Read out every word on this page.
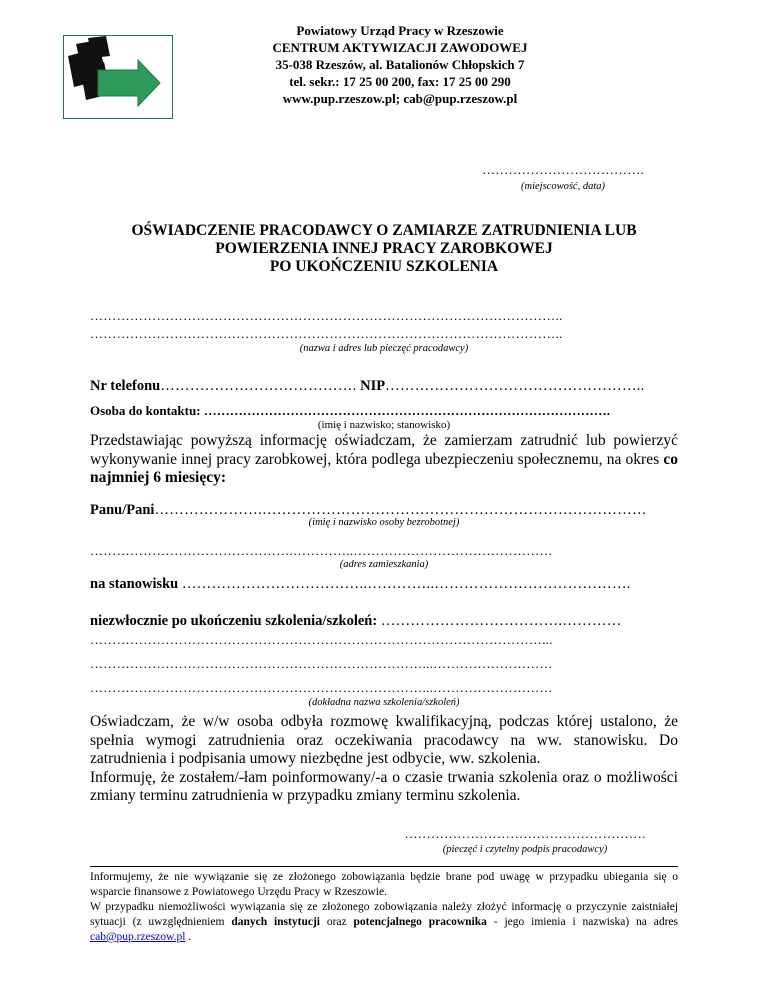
Powiatowy Urząd Pracy w Rzeszowie
CENTRUM AKTYWIZACJI ZAWODOWEJ
35-038 Rzeszów, al. Batalionów Chłopskich 7
tel. sekr.: 17 25 00 200, fax: 17 25 00 290
www.pup.rzeszow.pl; cab@pup.rzeszow.pl
……………………………….
(miejscowość, data)
OŚWIADCZENIE PRACODAWCY O ZAMIARZE ZATRUDNIENIA LUB
POWIERZENIA INNEJ PRACY ZAROBKOWEJ
PO UKOŃCZENIU SZKOLENIA
……………………………………………………………………………………………..
……………………………………………………………………………………………..
(nazwa i adres lub pieczęć pracodawcy)
Nr telefonu…………………………………. NIP……………………………………………..
Osoba do kontaktu: ………………………………………………………………………………….
(imię i nazwisko; stanowisko)
Przedstawiając powyższą informację oświadczam, że zamierzam zatrudnić lub powierzyć wykonywanie innej pracy zarobkowej, która podlega ubezpieczeniu społecznemu, na okres co najmniej 6 miesięcy:
Panu/Pani………………….……………………………………………………………………
(imię i nazwisko osoby bezrobotnej)
……………………………………….…………..………………………………………
(adres zamieszkania)
na stanowisku ………………………………..…………..………………………………….
niezwłocznie po ukończeniu szkolenia/szkoleń: ……………………………….…………
…………………………………………………………………………………………...
…………………………………………………………………...………………………
…………………………………………………………………...………………………
(dokładna nazwa szkolenia/szkoleń)
Oświadczam, że w/w osoba odbyła rozmowę kwalifikacyjną, podczas której ustalono, że spełnia wymogi zatrudnienia oraz oczekiwania pracodawcy na ww. stanowisku. Do zatrudnienia i podpisania umowy niezbędne jest odbycie, ww. szkolenia.
Informuję, że zostałem/-łam poinformowany/-a o czasie trwania szkolenia oraz o możliwości zmiany terminu zatrudnienia w przypadku zmiany terminu szkolenia.
……………………………………………….
(pieczęć i czytelny podpis pracodawcy)
Informujemy, że nie wywiązanie się ze złożonego zobowiązania będzie brane pod uwagę w przypadku ubiegania się o wsparcie finansowe z Powiatowego Urzędu Pracy w Rzeszowie.
W przypadku niemożliwości wywiązania się ze złożonego zobowiązania należy złożyć informację o przyczynie zaistniałej sytuacji (z uwzględnieniem danych instytucji oraz potencjalnego pracownika - jego imienia i nazwiska) na adres cab@pup.rzeszow.pl .
